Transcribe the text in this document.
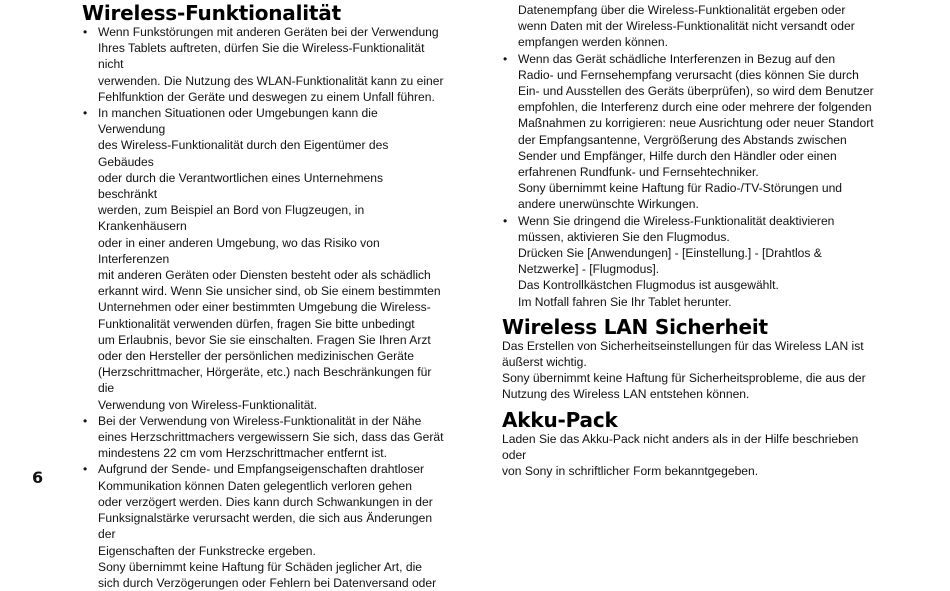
Wireless-Funktionalität
• Wenn Funkstörungen mit anderen Geräten bei der Verwendung
Ihres Tablets auftreten, dürfen Sie die Wireless-Funktionalität nicht
verwenden. Die Nutzung des WLAN-Funktionalität kann zu einer
Fehlfunktion der Geräte und deswegen zu einem Unfall führen.
• In manchen Situationen oder Umgebungen kann die Verwendung
des Wireless-Funktionalität durch den Eigentümer des Gebäudes
oder durch die Verantwortlichen eines Unternehmens beschränkt
werden, zum Beispiel an Bord von Flugzeugen, in Krankenhäusern
oder in einer anderen Umgebung, wo das Risiko von Interferenzen
mit anderen Geräten oder Diensten besteht oder als schädlich
erkannt wird. Wenn Sie unsicher sind, ob Sie einem bestimmten
Unternehmen oder einer bestimmten Umgebung die Wireless-
Funktionalität verwenden dürfen, fragen Sie bitte unbedingt
um Erlaubnis, bevor Sie sie einschalten. Fragen Sie Ihren Arzt
oder den Hersteller der persönlichen medizinischen Geräte
(Herzschrittmacher, Hörgeräte, etc.) nach Beschränkungen für die
Verwendung von Wireless-Funktionalität.
• Bei der Verwendung von Wireless-Funktionalität in der Nähe
eines Herzschrittmachers vergewissern Sie sich, dass das Gerät
mindestens 22 cm vom Herzschrittmacher entfernt ist.
• Aufgrund der Sende- und Empfangseigenschaften drahtloser
Kommunikation können Daten gelegentlich verloren gehen
oder verzögert werden. Dies kann durch Schwankungen in der
Funksignalstärke verursacht werden, die sich aus Änderungen der
Eigenschaften der Funkstrecke ergeben.
Sony übernimmt keine Haftung für Schäden jeglicher Art, die
sich durch Verzögerungen oder Fehlern bei Datenversand oder
Datenempfang über die Wireless-Funktionalität ergeben oder
wenn Daten mit der Wireless-Funktionalität nicht versandt oder
empfangen werden können.
• Wenn das Gerät schädliche Interferenzen in Bezug auf den
Radio- und Fernsehempfang verursacht (dies können Sie durch
Ein- und Ausstellen des Geräts überprüfen), so wird dem Benutzer
empfohlen, die Interferenz durch eine oder mehrere der folgenden
Maßnahmen zu korrigieren: neue Ausrichtung oder neuer Standort
der Empfangsantenne, Vergrößerung des Abstands zwischen
Sender und Empfänger, Hilfe durch den Händler oder einen
erfahrenen Rundfunk- und Fernsehtechniker.
Sony übernimmt keine Haftung für Radio-/TV-Störungen und
andere unerwünschte Wirkungen.
• Wenn Sie dringend die Wireless-Funktionalität deaktivieren
müssen, aktivieren Sie den Flugmodus.
Drücken Sie [Anwendungen] - [Einstellung.] - [Drahtlos &
Netzwerke] - [Flugmodus].
Das Kontrollkästchen Flugmodus ist ausgewählt.
Im Notfall fahren Sie Ihr Tablet herunter.
Wireless LAN Sicherheit

Das Erstellen von Sicherheitseinstellungen für das Wireless LAN ist
äußerst wichtig.
Sony übernimmt keine Haftung für Sicherheitsprobleme, die aus der
Nutzung des Wireless LAN entstehen können.

Akku-Pack

Laden Sie das Akku-Pack nicht anders als in der Hilfe beschrieben oder
von Sony in schriftlicher Form bekanntgegeben.

6
